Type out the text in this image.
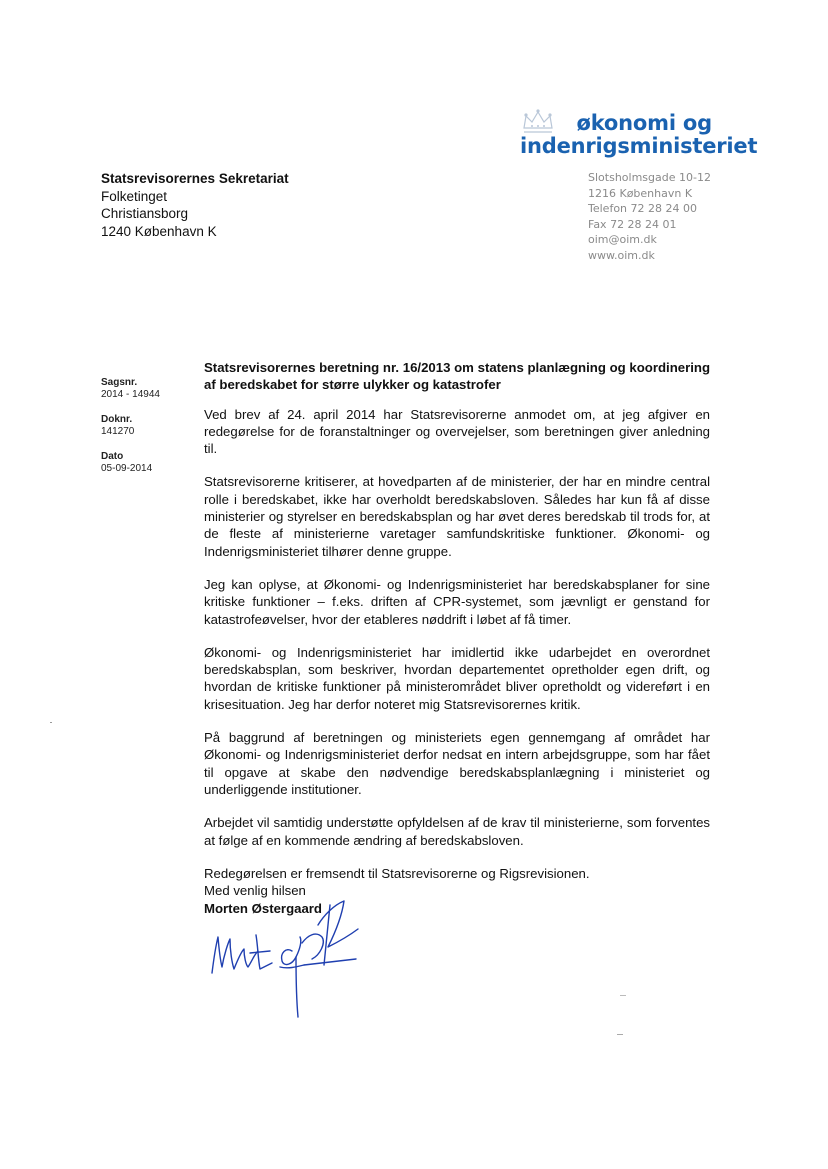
økonomi og
indenrigsministeriet
Slotsholmsgade 10-12
1216 København K
Telefon 72 28 24 00
Fax 72 28 24 01
oim@oim.dk
www.oim.dk
Statsrevisorernes Sekretariat
Folketinget
Christiansborg
1240 København K
Sagsnr.
2014 - 14944
Doknr.
141270
Dato
05-09-2014
Statsrevisorernes beretning nr. 16/2013 om statens planlægning og koordinering af beredskabet for større ulykker og katastrofer

Ved brev af 24. april 2014 har Statsrevisorerne anmodet om, at jeg afgiver en redegørelse for de foranstaltninger og overvejelser, som beretningen giver anledning til.

Statsrevisorerne kritiserer, at hovedparten af de ministerier, der har en mindre central rolle i beredskabet, ikke har overholdt beredskabsloven. Således har kun få af disse ministerier og styrelser en beredskabsplan og har øvet deres beredskab til trods for, at de fleste af ministerierne varetager samfundskritiske funktioner. Økonomi- og Indenrigsministeriet tilhører denne gruppe.

Jeg kan oplyse, at Økonomi- og Indenrigsministeriet har beredskabsplaner for sine kritiske funktioner – f.eks. driften af CPR-systemet, som jævnligt er genstand for katastrofeøvelser, hvor der etableres nøddrift i løbet af få timer.

Økonomi- og Indenrigsministeriet har imidlertid ikke udarbejdet en overordnet beredskabsplan, som beskriver, hvordan departementet opretholder egen drift, og hvordan de kritiske funktioner på ministerområdet bliver opretholdt og videreført i en krisesituation. Jeg har derfor noteret mig Statsrevisorernes kritik.

På baggrund af beretningen og ministeriets egen gennemgang af området har Økonomi- og Indenrigsministeriet derfor nedsat en intern arbejdsgruppe, som har fået til opgave at skabe den nødvendige beredskabsplanlægning i ministeriet og underliggende institutioner.

Arbejdet vil samtidig understøtte opfyldelsen af de krav til ministerierne, som forventes at følge af en kommende ændring af beredskabsloven.

Redegørelsen er fremsendt til Statsrevisorerne og Rigsrevisionen.

Med venlig hilsen
Morten Østergaard
